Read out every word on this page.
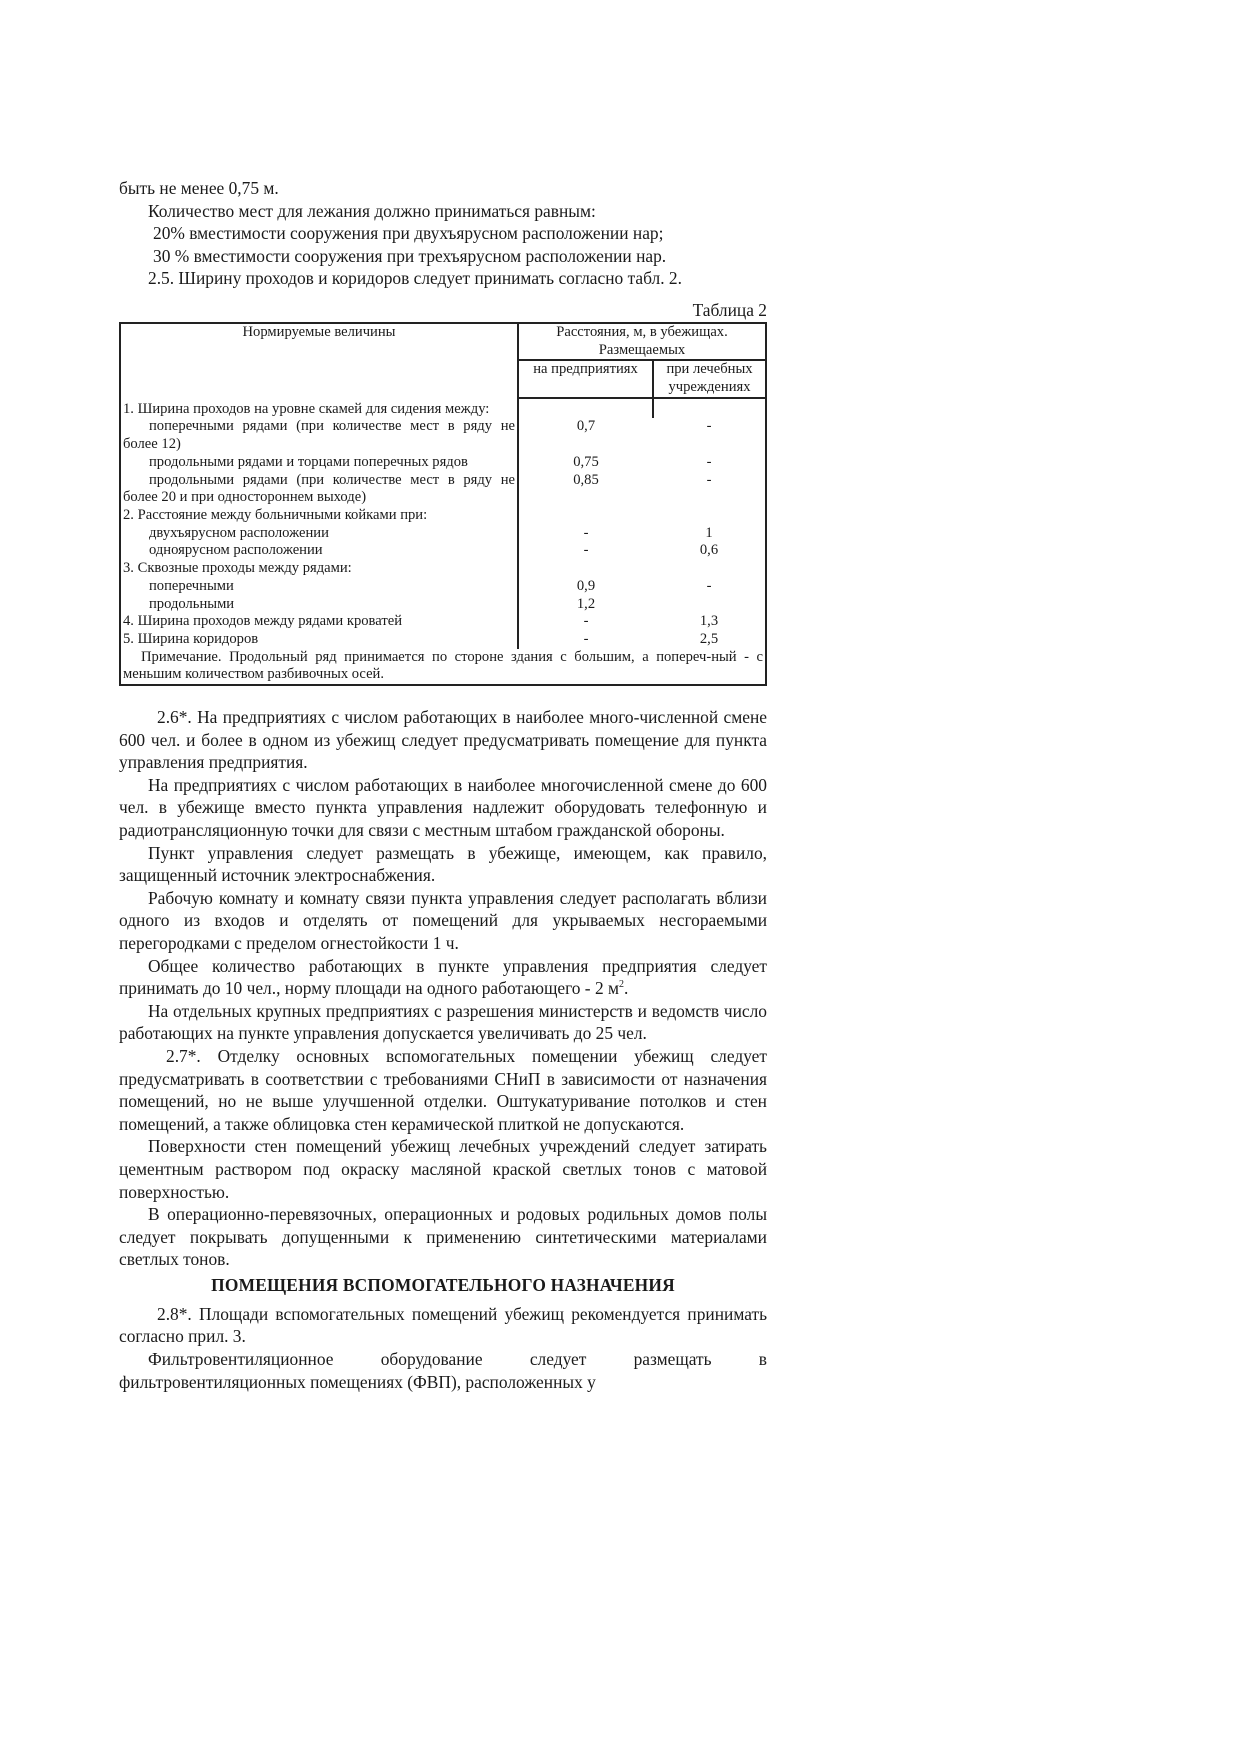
быть не менее 0,75 м.

Количество мест для лежания должно приниматься равным:

20% вместимости сооружения при двухъярусном расположении нар;

30 % вместимости сооружения при трехъярусном расположении нар.

2.5. Ширину проходов и коридоров следует принимать согласно табл. 2.

Таблица 2
Нормируемые величины	Расстояния, м, в убежищах. Размещаемых	
	на предприятиях	при лечебных учреждениях

1. Ширина проходов на уровне скамей для сидения между:		
поперечными рядами (при количестве мест в ряду не более 12)	0,7	-
продольными рядами и торцами поперечных рядов	0,75	-
продольными рядами (при количестве мест в ряду не более 20 и при одностороннем выходе)	0,85	-
2. Расстояние между больничными койками при:		
двухъярусном расположении	-	1
одноярусном расположении	-	0,6
3. Сквозные проходы между рядами:		
поперечными	0,9	-
продольными	1,2	
4. Ширина проходов между рядами кроватей	-	1,3
5. Ширина коридоров	-	2,5
Примечание. Продольный ряд принимается по стороне здания с большим, а попереч-ный - с меньшим количеством разбивочных осей.		

2.6*. На предприятиях с числом работающих в наиболее много-численной смене 600 чел. и более в одном из убежищ следует предусматривать помещение для пункта управления предприятия.

На предприятиях с числом работающих в наиболее многочисленной смене до 600 чел. в убежище вместо пункта управления надлежит оборудовать телефонную и радиотрансляционную точки для связи с местным штабом гражданской обороны.

Пункт управления следует размещать в убежище, имеющем, как правило, защищенный источник электроснабжения.

Рабочую комнату и комнату связи пункта управления следует располагать вблизи одного из входов и отделять от помещений для укрываемых несгораемыми перегородками с пределом огнестойкости 1 ч.

Общее количество работающих в пункте управления предприятия следует принимать до 10 чел., норму площади на одного работающего - 2 $м^2$.

На отдельных крупных предприятиях с разрешения министерств и ведомств число работающих на пункте управления допускается увеличивать до 25 чел.

2.7*. Отделку основных вспомогательных помещении убежищ следует предусматривать в соответствии с требованиями СНиП в зависимости от назначения помещений, но не выше улучшенной отделки. Оштукатуривание потолков и стен помещений, а также облицовка стен керамической плиткой не допускаются.

Поверхности стен помещений убежищ лечебных учреждений следует затирать цементным раствором под окраску масляной краской светлых тонов с матовой поверхностью.

В операционно-перевязочных, операционных и родовых родильных домов полы следует покрывать допущенными к применению синтетическими материалами светлых тонов.

ПОМЕЩЕНИЯ ВСПОМОГАТЕЛЬНОГО НАЗНАЧЕНИЯ

2.8*. Площади вспомогательных помещений убежищ рекомендуется принимать согласно прил. 3.

Фильтровентиляционное оборудование следует размещать в фильтровентиляционных помещениях (ФВП), расположенных у
